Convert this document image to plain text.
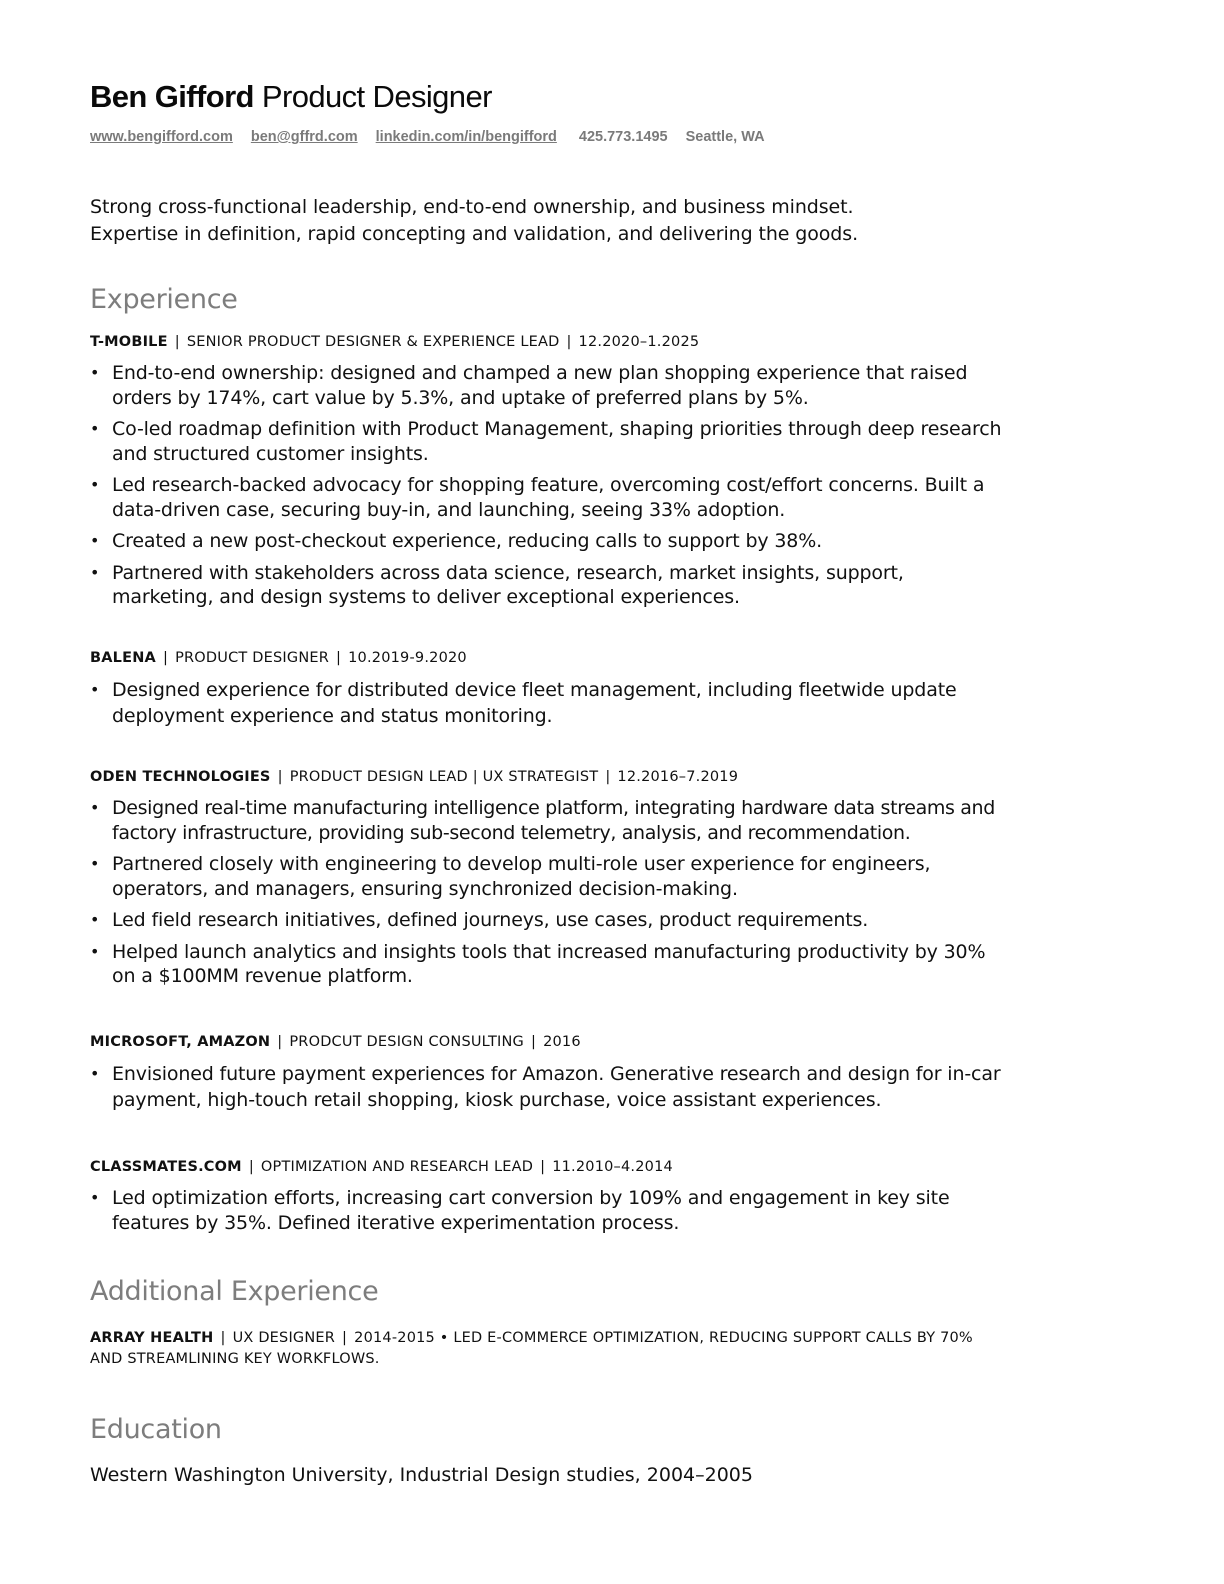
Ben Gifford Product Designer
www.bengifford.com ben@gffrd.com linkedin.com/in/bengifford 425.773.1495 Seattle, WA
Strong cross-functional leadership, end-to-end ownership, and business mindset.
Expertise in definition, rapid concepting and validation, and delivering the goods.
Experience
T-MOBILE | SENIOR PRODUCT DESIGNER & EXPERIENCE LEAD | 12.2020–1.2025
• End-to-end ownership: designed and champed a new plan shopping experience that raised orders by 174%, cart value by 5.3%, and uptake of preferred plans by 5%.
• Co-led roadmap definition with Product Management, shaping priorities through deep research and structured customer insights.
• Led research-backed advocacy for shopping feature, overcoming cost/effort concerns. Built a data-driven case, securing buy-in, and launching, seeing 33% adoption.
• Created a new post-checkout experience, reducing calls to support by 38%.
• Partnered with stakeholders across data science, research, market insights, support, marketing, and design systems to deliver exceptional experiences.
BALENA | PRODUCT DESIGNER | 10.2019-9.2020
• Designed experience for distributed device fleet management, including fleetwide update deployment experience and status monitoring.
ODEN TECHNOLOGIES | PRODUCT DESIGN LEAD | UX STRATEGIST | 12.2016–7.2019
• Designed real-time manufacturing intelligence platform, integrating hardware data streams and factory infrastructure, providing sub-second telemetry, analysis, and recommendation.
• Partnered closely with engineering to develop multi-role user experience for engineers, operators, and managers, ensuring synchronized decision-making.
• Led field research initiatives, defined journeys, use cases, product requirements.
• Helped launch analytics and insights tools that increased manufacturing productivity by 30% on a $100MM revenue platform.
MICROSOFT, AMAZON | PRODCUT DESIGN CONSULTING | 2016
• Envisioned future payment experiences for Amazon. Generative research and design for in-car payment, high-touch retail shopping, kiosk purchase, voice assistant experiences.
CLASSMATES.COM | OPTIMIZATION AND RESEARCH LEAD | 11.2010–4.2014
• Led optimization efforts, increasing cart conversion by 109% and engagement in key site features by 35%. Defined iterative experimentation process.
Additional Experience
ARRAY HEALTH | UX DESIGNER | 2014-2015 • LED E-COMMERCE OPTIMIZATION, REDUCING SUPPORT CALLS BY 70% AND STREAMLINING KEY WORKFLOWS.
Education
Western Washington University, Industrial Design studies, 2004–2005
